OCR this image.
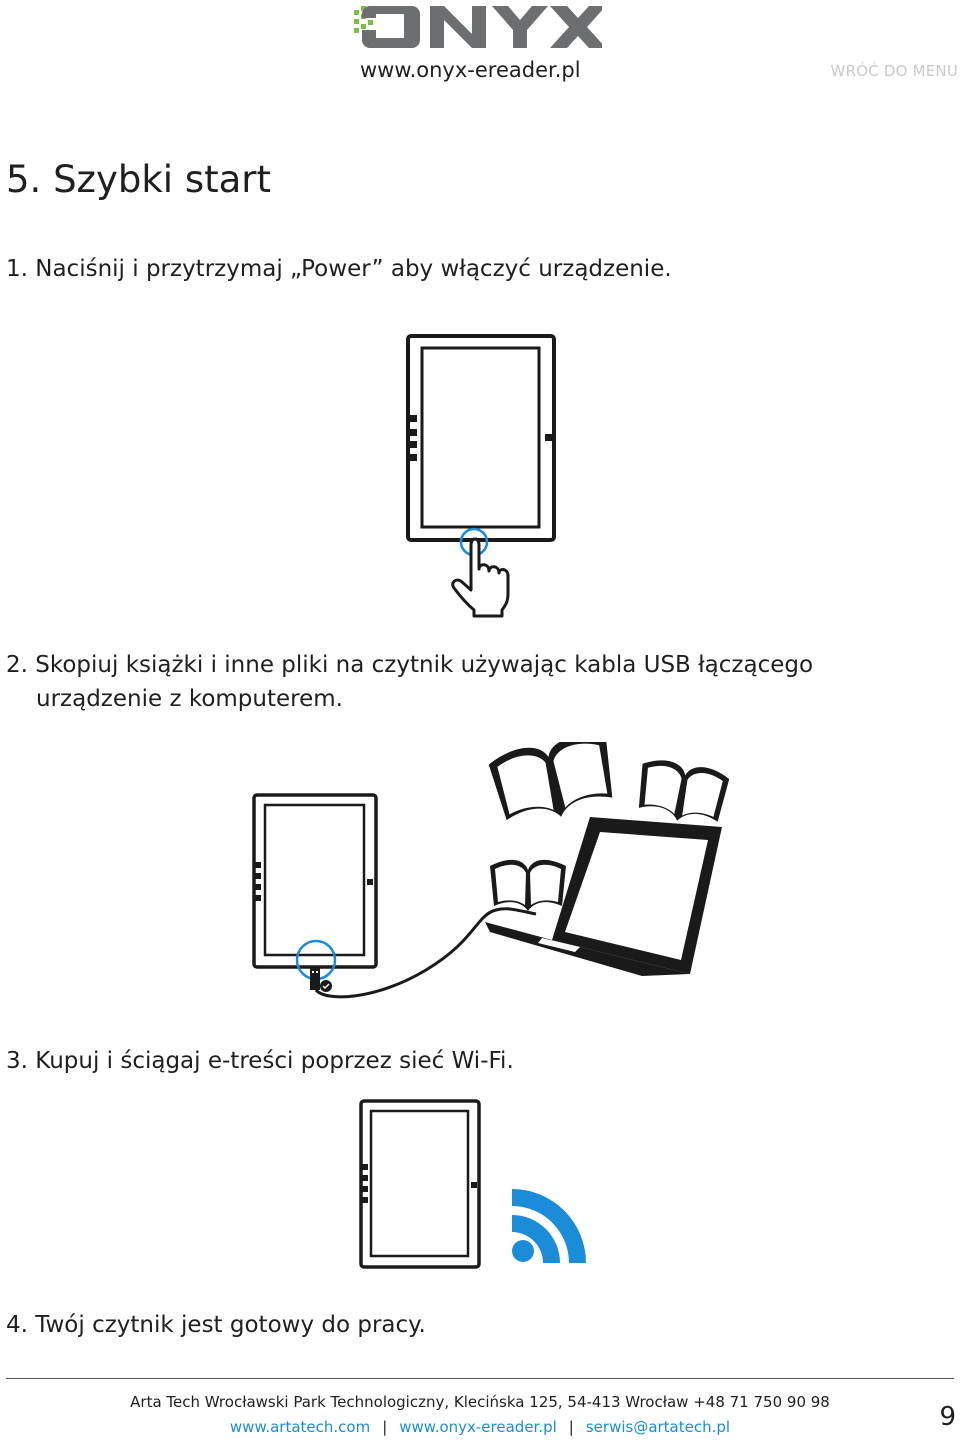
www.onyx-ereader.pl	WRÓĆ DO MENU
5. Szybki start
1. Naciśnij i przytrzymaj „Power” aby włączyć urządzenie.
2. Skopiuj książki i inne pliki na czytnik używając kabla USB łączącego
urządzenie z komputerem.
3. Kupuj i ściągaj e-treści poprzez sieć Wi-Fi.
4. Twój czytnik jest gotowy do pracy.
Arta Tech Wrocławski Park Technologiczny, Klecińska 125, 54-413 Wrocław +48 71 750 90 98
www.artatech.com | www.onyx-ereader.pl | serwis@artatech.pl	9
